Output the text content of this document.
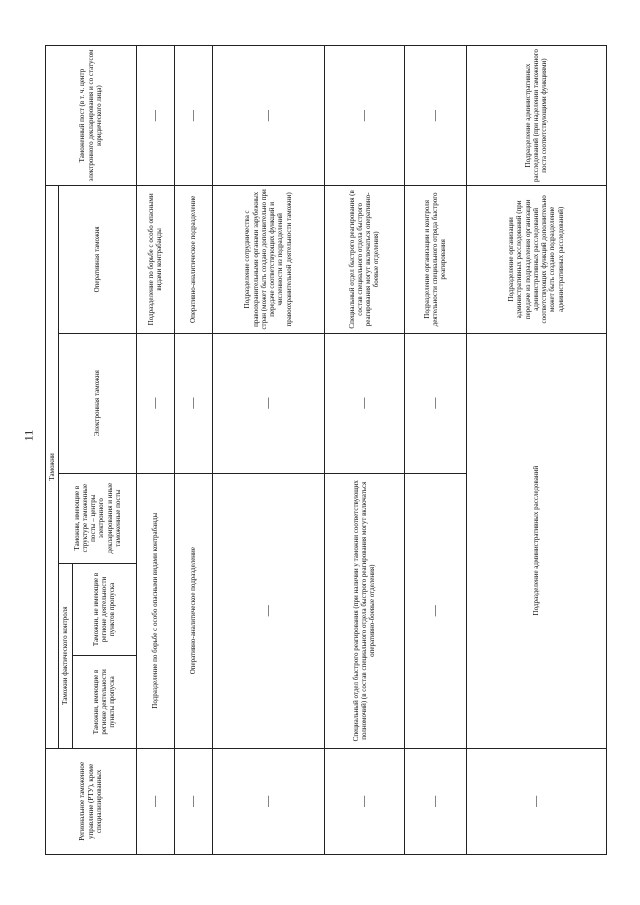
11
Региональное таможенное управление (РТУ), кроме специализированных	Таможни					Таможенный пост (в т. ч. центр электронного декларирования и со статусом юридического лица)
	Таможни фактического контроля		Таможни, имеющие в структуре таможенные посты – центры электронного декларирования и иные таможенные посты	Электронная таможня	Оперативная таможня	
	Таможни, имеющие в регионе деятельности пункты пропуска	Таможни, не имеющие в регионе деятельности пунктов пропуска				
—	Подразделение по борьбе с особо опасными видами контрабанды			—	Подразделение по борьбе с особо опасными видами контрабанды	—
—	Оперативно-аналитическое подразделение			—	Оперативно-аналитическое подразделение	—
—	—			—	Подразделение сотрудничества с правоохранительными органами зарубежных стран (может быть создано дополнительно при передаче соответствующих функций и численности из подразделений правоохранительной деятельности таможни)	—
—	Специальный отдел быстрого реагирования (при наличии у таможни соответствующих полномочий) (в состав специального отдела быстрого реагирования могут включаться оперативно-боевые отделения)			—	Специальный отдел быстрого реагирования (в состав специального отдела быстрого реагирования могут включаться оперативно-боевые отделения)	—
—	—			—	Подразделение организации и контроля деятельности специального отряда быстрого реагирования	—
—	Подразделение административных расследований				Подразделение организации административных расследований (при передаче из подразделения организации административных расследований соответствующих функций дополнительно может быть создано подразделение административных расследований)	Подразделение административных расследований (при наделении таможенного поста соответствующими функциями)
